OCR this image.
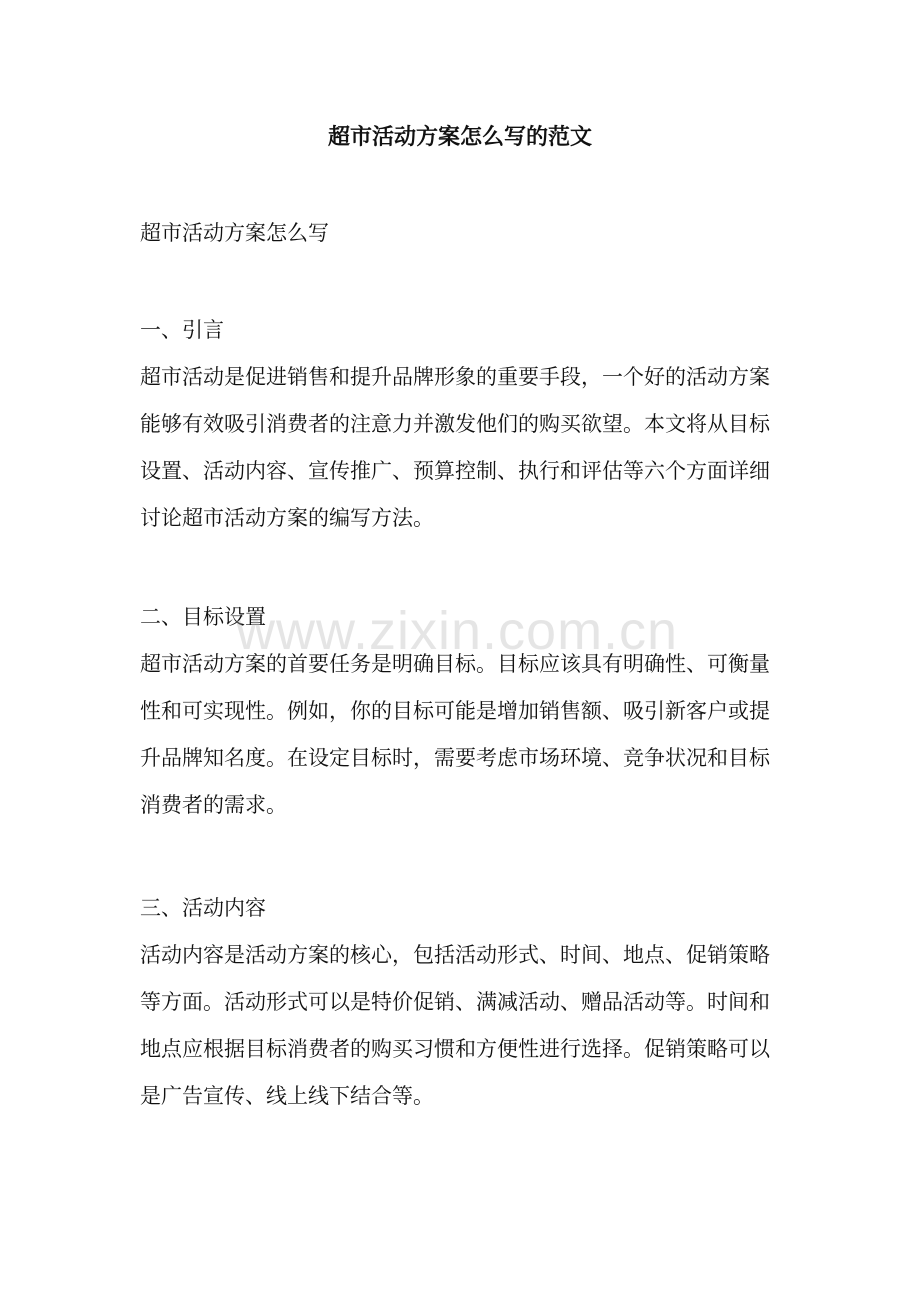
超市活动方案怎么写的范文
超市活动方案怎么写
一、引言
超市活动是促进销售和提升品牌形象的重要手段，一个好的活动方案
能够有效吸引消费者的注意力并激发他们的购买欲望。本文将从目标
设置、活动内容、宣传推广、预算控制、执行和评估等六个方面详细
讨论超市活动方案的编写方法。
二、目标设置
超市活动方案的首要任务是明确目标。目标应该具有明确性、可衡量
性和可实现性。例如，你的目标可能是增加销售额、吸引新客户或提
升品牌知名度。在设定目标时，需要考虑市场环境、竞争状况和目标
消费者的需求。
三、活动内容
活动内容是活动方案的核心，包括活动形式、时间、地点、促销策略
等方面。活动形式可以是特价促销、满减活动、赠品活动等。时间和
地点应根据目标消费者的购买习惯和方便性进行选择。促销策略可以
是广告宣传、线上线下结合等。
www.zixin.com.cn
